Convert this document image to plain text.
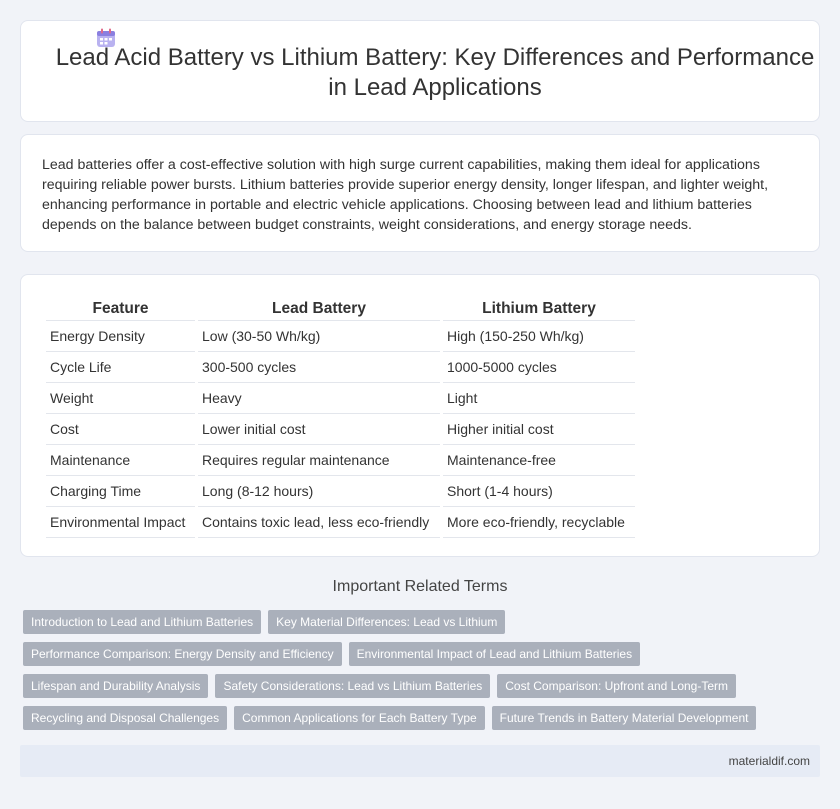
Lead Acid Battery vs Lithium Battery: Key Differences and Performance in Lead Applications

Lead batteries offer a cost-effective solution with high surge current capabilities, making them ideal for applications requiring reliable power bursts. Lithium batteries provide superior energy density, longer lifespan, and lighter weight, enhancing performance in portable and electric vehicle applications. Choosing between lead and lithium batteries depends on the balance between budget constraints, weight considerations, and energy storage needs.

Feature	Lead Battery	Lithium Battery
Energy Density	Low (30-50 Wh/kg)	High (150-250 Wh/kg)
Cycle Life	300-500 cycles	1000-5000 cycles
Weight	Heavy	Light
Cost	Lower initial cost	Higher initial cost
Maintenance	Requires regular maintenance	Maintenance-free
Charging Time	Long (8-12 hours)	Short (1-4 hours)
Environmental Impact	Contains toxic lead, less eco-friendly	More eco-friendly, recyclable
Important Related Terms
Introduction to Lead and Lithium Batteries	Key Material Differences: Lead vs Lithium
Performance Comparison: Energy Density and Efficiency	Environmental Impact of Lead and Lithium Batteries
Lifespan and Durability Analysis	Safety Considerations: Lead vs Lithium Batteries	Cost Comparison: Upfront and Long-Term
Recycling and Disposal Challenges	Common Applications for Each Battery Type	Future Trends in Battery Material Development
materialdif.com
